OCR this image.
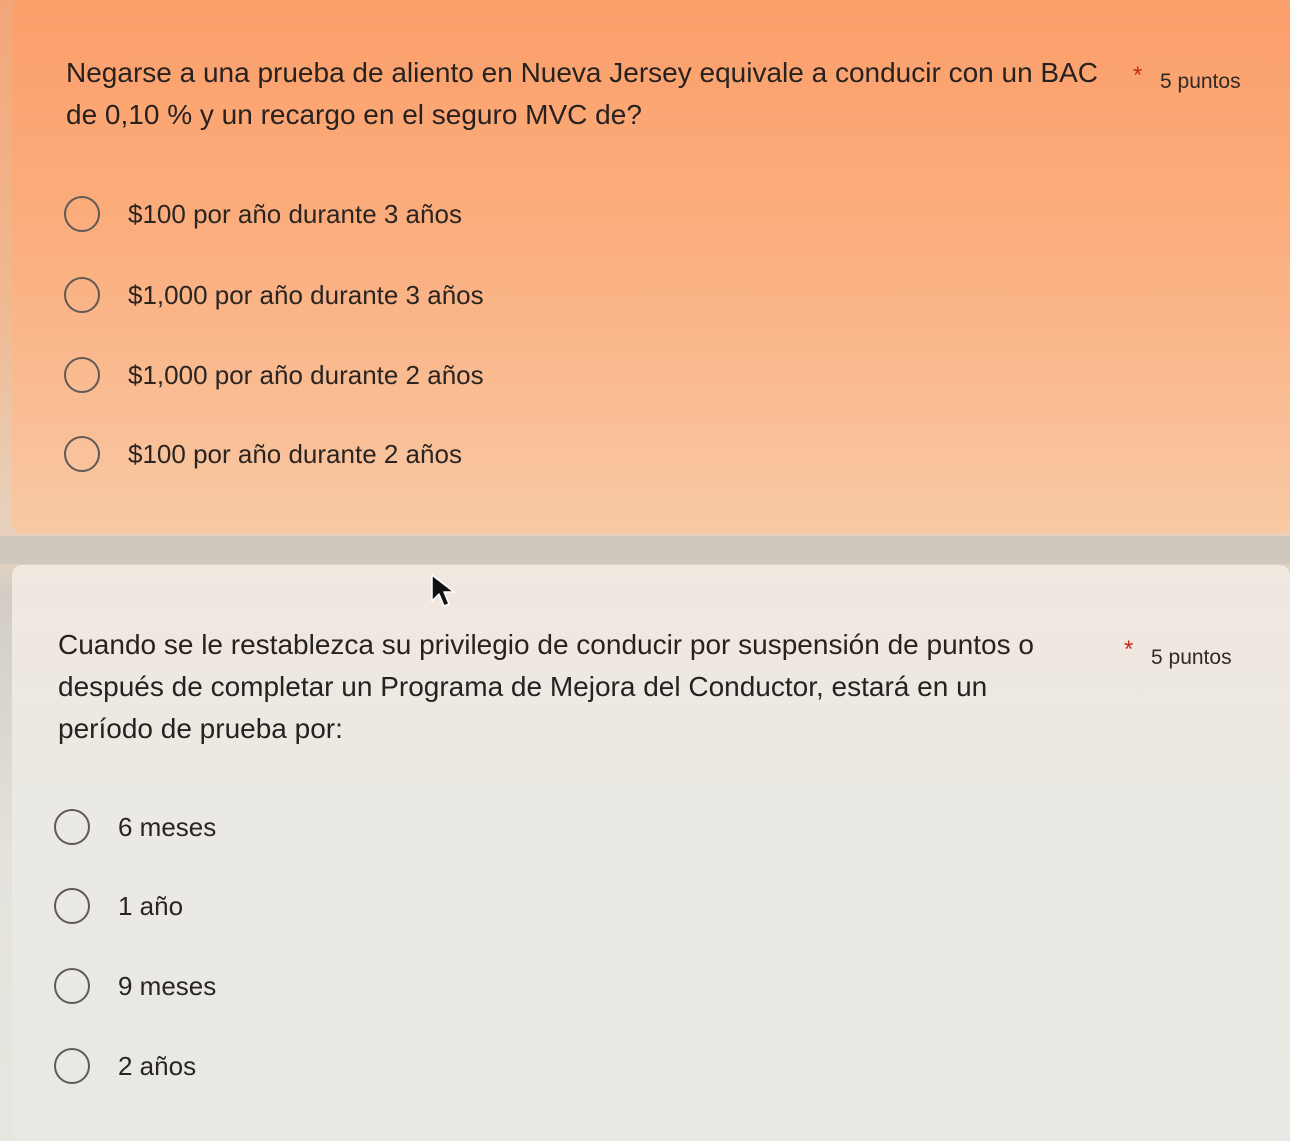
Negarse a una prueba de aliento en Nueva Jersey equivale a conducir con un BAC de 0,10 % y un recargo en el seguro MVC de?
* 5 puntos
$100 por año durante 3 años
$1,000 por año durante 3 años
$1,000 por año durante 2 años
$100 por año durante 2 años
Cuando se le restablezca su privilegio de conducir por suspensión de puntos o después de completar un Programa de Mejora del Conductor, estará en un período de prueba por:
* 5 puntos
6 meses
1 año
9 meses
2 años
